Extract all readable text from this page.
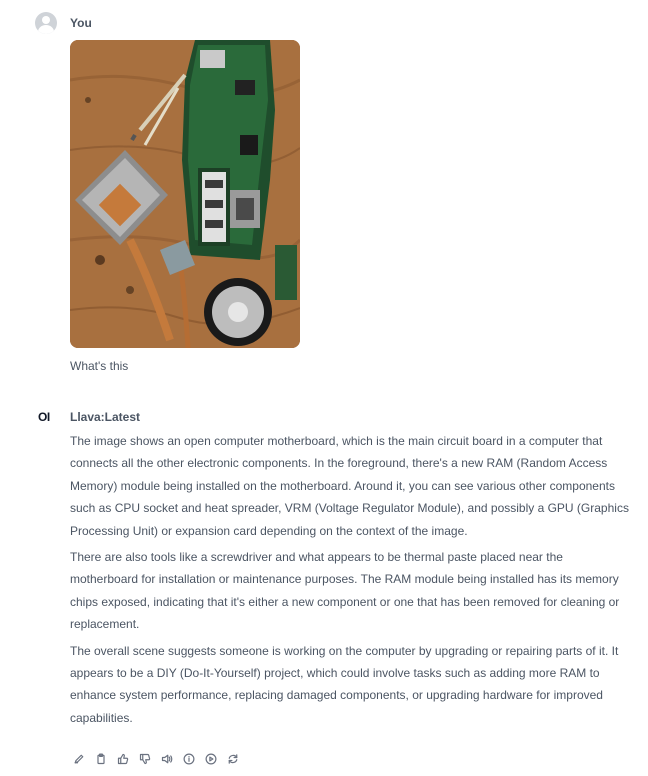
You
What's this
OI Llava:Latest

The image shows an open computer motherboard, which is the main circuit board in a computer that connects all the other electronic components. In the foreground, there's a new RAM (Random Access Memory) module being installed on the motherboard. Around it, you can see various other components such as CPU socket and heat spreader, VRM (Voltage Regulator Module), and possibly a GPU (Graphics Processing Unit) or expansion card depending on the context of the image.

There are also tools like a screwdriver and what appears to be thermal paste placed near the motherboard for installation or maintenance purposes. The RAM module being installed has its memory chips exposed, indicating that it's either a new component or one that has been removed for cleaning or replacement.

The overall scene suggests someone is working on the computer by upgrading or repairing parts of it. It appears to be a DIY (Do-It-Yourself) project, which could involve tasks such as adding more RAM to enhance system performance, replacing damaged components, or upgrading hardware for improved capabilities.
